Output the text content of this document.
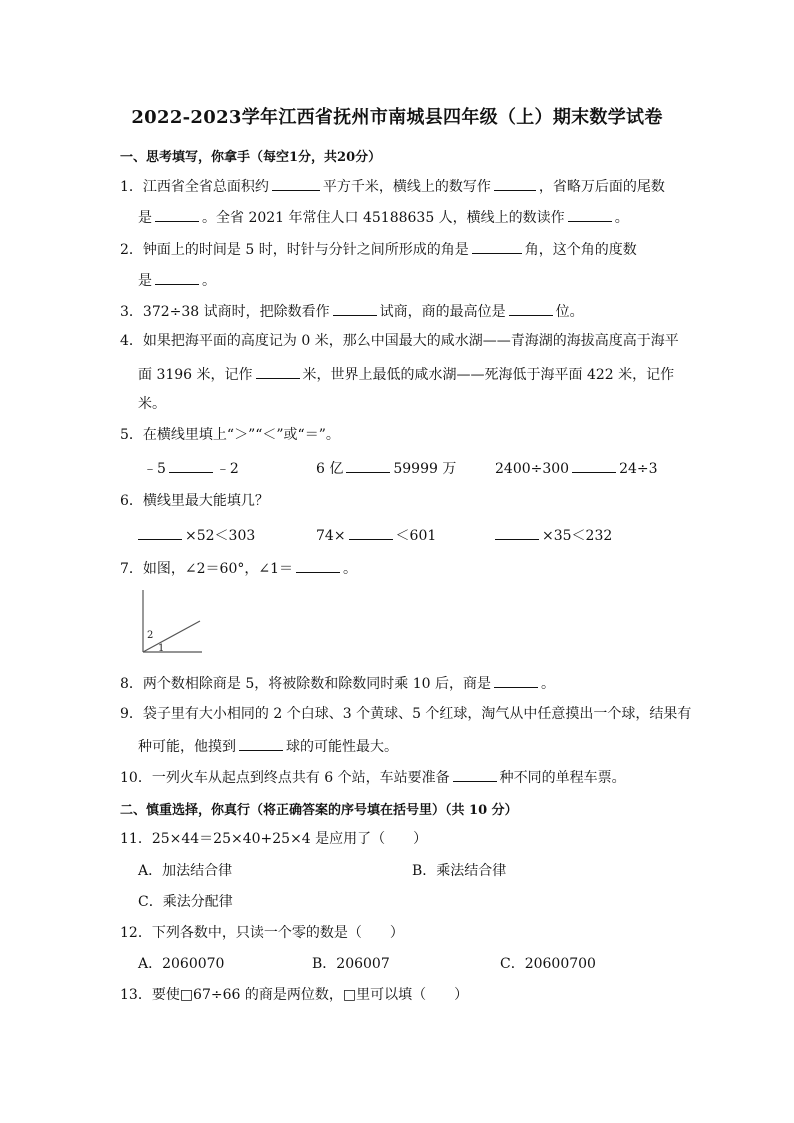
2022-2023学年江西省抚州市南城县四年级（上）期末数学试卷
一、思考填写，你拿手（每空1分，共20分）
1．江西省全省总面积约	平方千米，横线上的数写作	，省略万后面的尾数
是	。全省 2021 年常住人口 45188635 人，横线上的数读作	。
2．钟面上的时间是 5 时，时针与分针之间所形成的角是	角，这个角的度数
是	。
3．372÷38 试商时，把除数看作	试商，商的最高位是	位。
4．如果把海平面的高度记为 0 米，那么中国最大的咸水湖——青海湖的海拔高度高于海平
面 3196 米，记作	米，世界上最低的咸水湖——死海低于海平面 422 米，记作
米。
5．在横线里填上“＞”“＜”或“＝”。
﹣5	﹣2	6 亿	59999 万	2400÷300	24÷3
6．横线里最大能填几？
×52＜303	74×	＜601	×35＜232
7．如图，∠2＝60°，∠1＝	。
2
1
8．两个数相除商是 5，将被除数和除数同时乘 10 后，商是	。
9．袋子里有大小相同的 2 个白球、3 个黄球、5 个红球，淘气从中任意摸出一个球，结果有
种可能，他摸到	球的可能性最大。
10．一列火车从起点到终点共有 6 个站，车站要准备	种不同的单程车票。
二、慎重选择，你真行（将正确答案的序号填在括号里）（共 10 分）
11．25×44＝25×40+25×4 是应用了（　　）
A．加法结合律	B．乘法结合律
C．乘法分配律
12．下列各数中，只读一个零的数是（　　）
A．2060070	B．206007	C．20600700
13．要使□67÷66 的商是两位数，□里可以填（　　）
